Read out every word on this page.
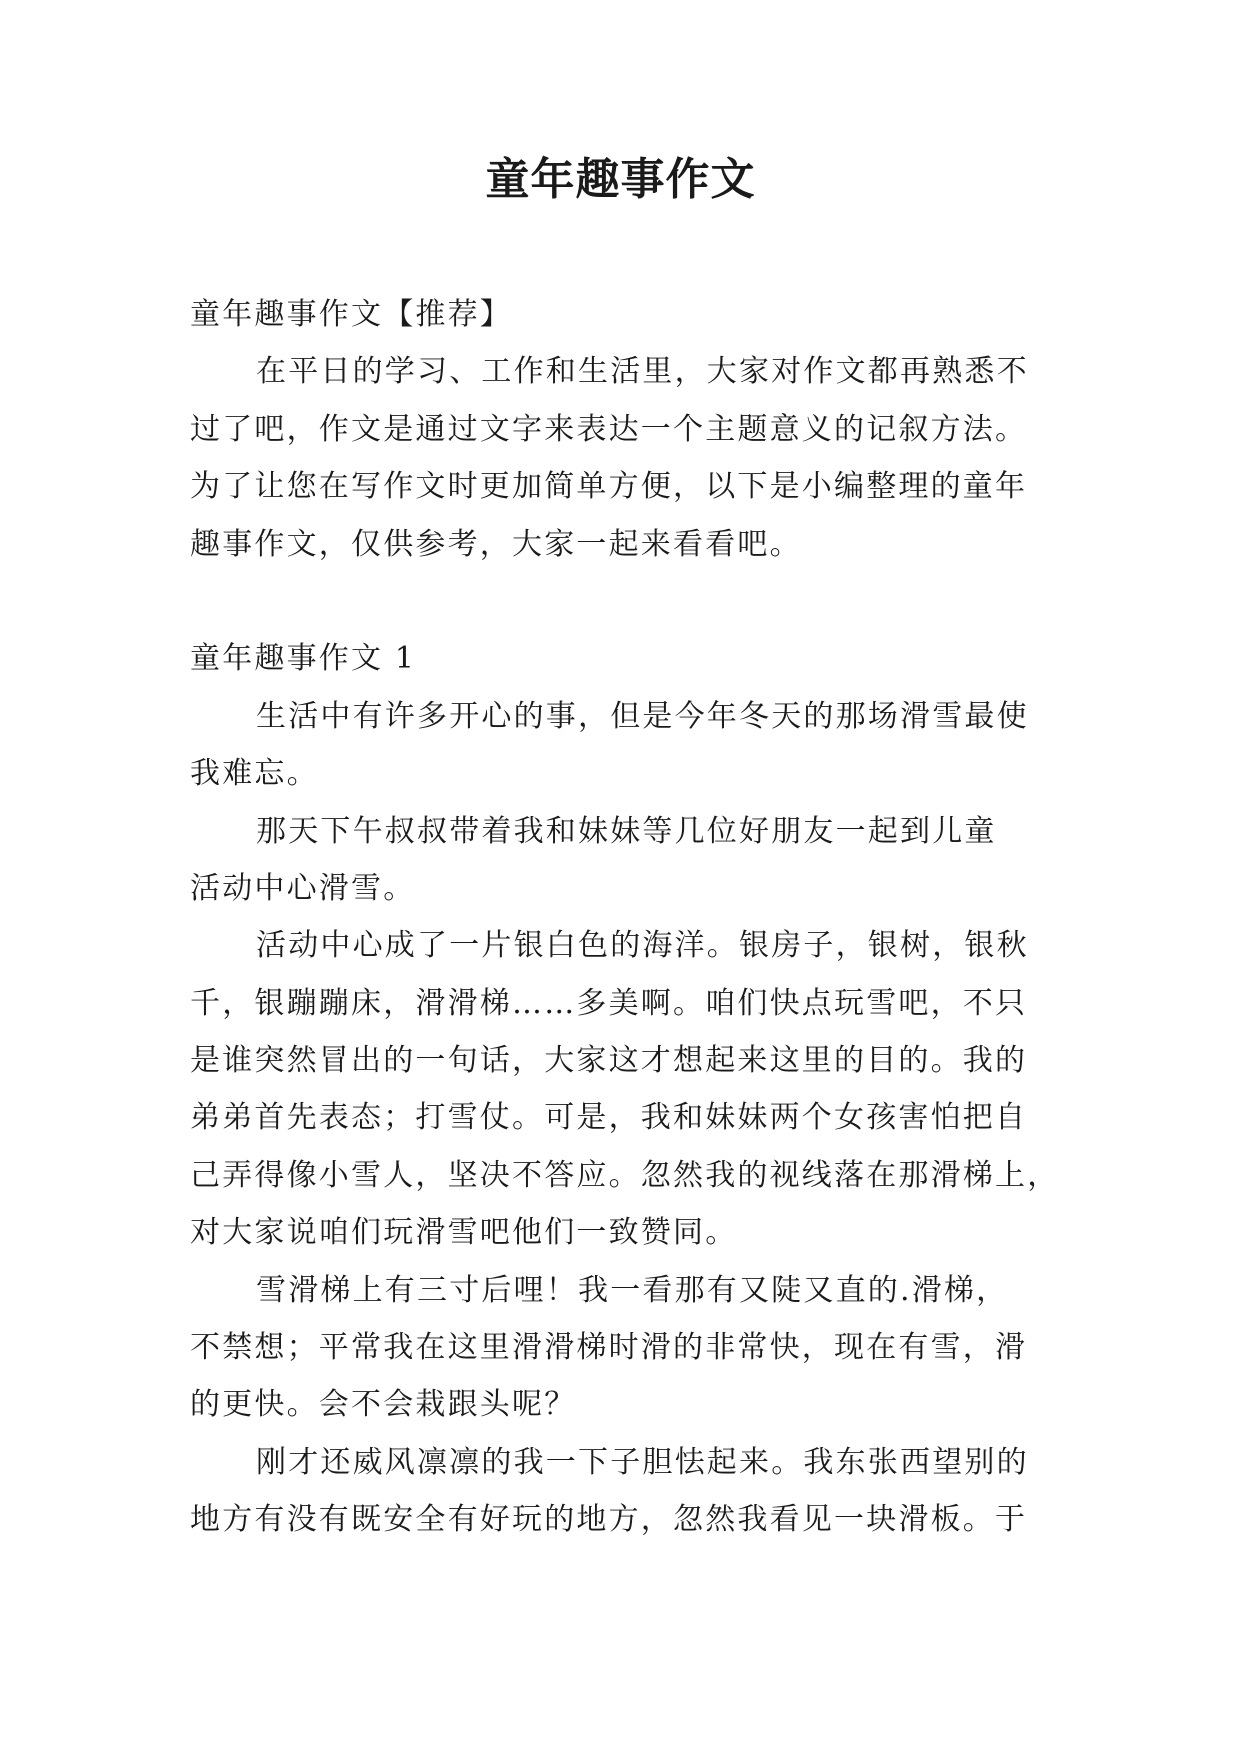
童年趣事作文
童年趣事作文【推荐】
在平日的学习、工作和生活里，大家对作文都再熟悉不
过了吧，作文是通过文字来表达一个主题意义的记叙方法。
为了让您在写作文时更加简单方便，以下是小编整理的童年
趣事作文，仅供参考，大家一起来看看吧。
童年趣事作文 1
生活中有许多开心的事，但是今年冬天的那场滑雪最使
我难忘。
那天下午叔叔带着我和妹妹等几位好朋友一起到儿童
活动中心滑雪。
活动中心成了一片银白色的海洋。银房子，银树，银秋
千，银蹦蹦床，滑滑梯……多美啊。咱们快点玩雪吧，不只
是谁突然冒出的一句话，大家这才想起来这里的目的。我的
弟弟首先表态；打雪仗。可是，我和妹妹两个女孩害怕把自
己弄得像小雪人，坚决不答应。忽然我的视线落在那滑梯上，
对大家说咱们玩滑雪吧他们一致赞同。
雪滑梯上有三寸后哩！我一看那有又陡又直的.滑梯，
不禁想；平常我在这里滑滑梯时滑的非常快，现在有雪，滑
的更快。会不会栽跟头呢？
刚才还威风凛凛的我一下子胆怯起来。我东张西望别的
地方有没有既安全有好玩的地方，忽然我看见一块滑板。于
